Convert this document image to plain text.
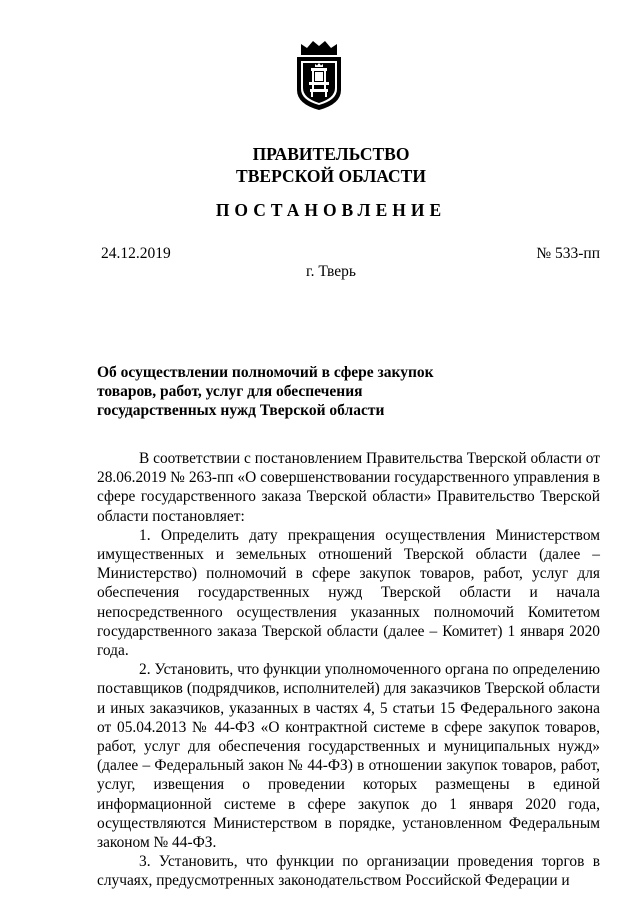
ПРАВИТЕЛЬСТВО
ТВЕРСКОЙ ОБЛАСТИ
ПОСТАНОВЛЕНИЕ
24.12.2019	№ 533-пп
г. Тверь
Об осуществлении полномочий в сфере закупок
товаров, работ, услуг для обеспечения
государственных нужд Тверской области

В соответствии с постановлением Правительства Тверской области от 28.06.2019 № 263-пп «О совершенствовании государственного управления в сфере государственного заказа Тверской области» Правительство Тверской области постановляет:

1. Определить дату прекращения осуществления Министерством имущественных и земельных отношений Тверской области (далее – Министерство) полномочий в сфере закупок товаров, работ, услуг для обеспечения государственных нужд Тверской области и начала непосредственного осуществления указанных полномочий Комитетом государственного заказа Тверской области (далее – Комитет) 1 января 2020 года.

2. Установить, что функции уполномоченного органа по определению поставщиков (подрядчиков, исполнителей) для заказчиков Тверской области и иных заказчиков, указанных в частях 4, 5 статьи 15 Федерального закона от 05.04.2013 № 44-ФЗ «О контрактной системе в сфере закупок товаров, работ, услуг для обеспечения государственных и муниципальных нужд» (далее – Федеральный закон № 44-ФЗ) в отношении закупок товаров, работ, услуг, извещения о проведении которых размещены в единой информационной системе в сфере закупок до 1 января 2020 года, осуществляются Министерством в порядке, установленном Федеральным законом № 44-ФЗ.

3. Установить, что функции по организации проведения торгов в случаях, предусмотренных законодательством Российской Федерации и
